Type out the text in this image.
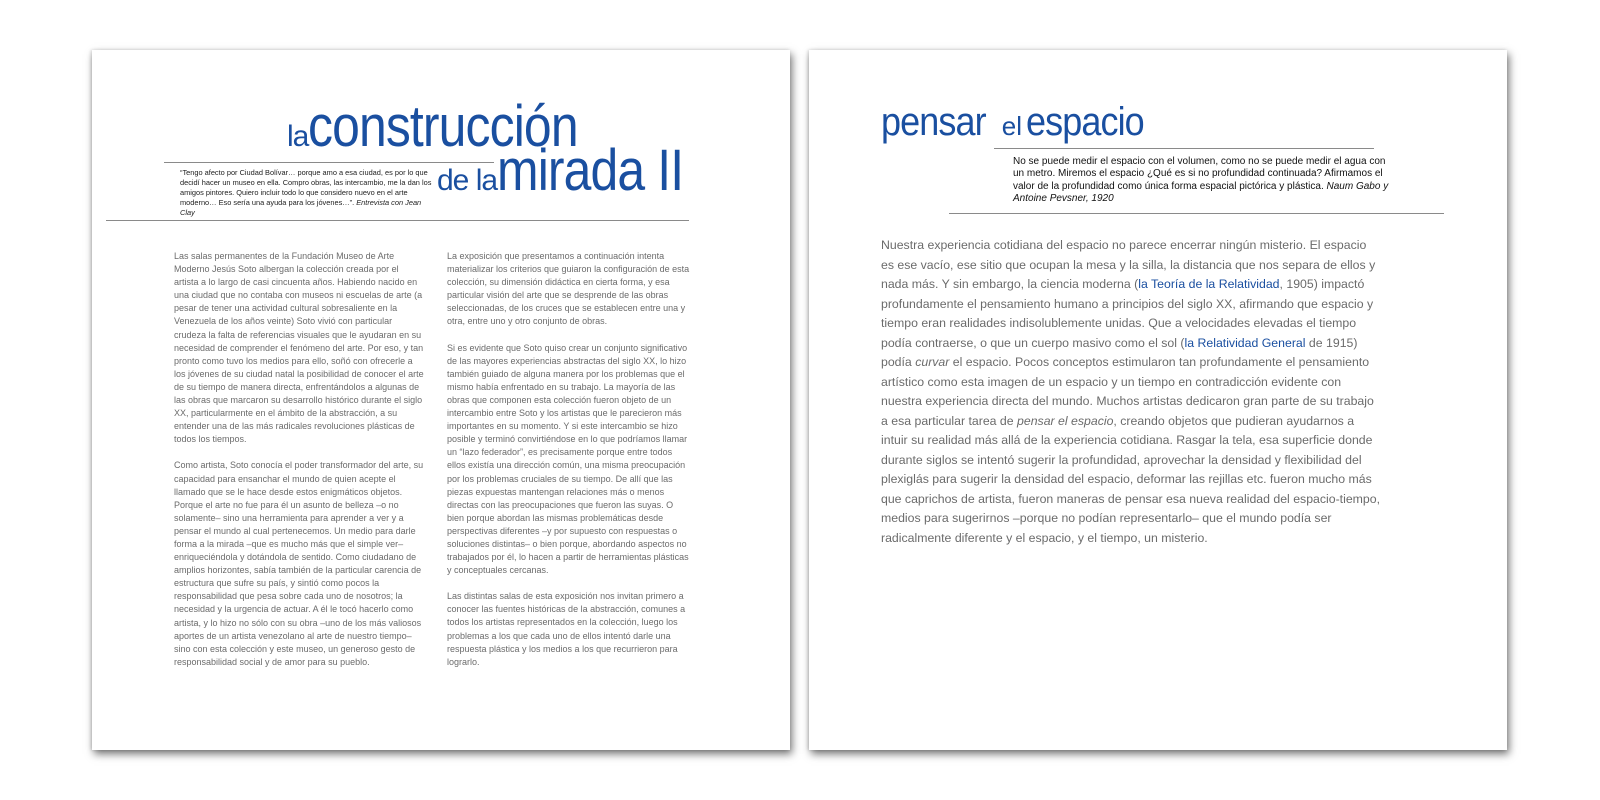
laconstrucción
de lamirada II
“Tengo afecto por Ciudad Bolívar… porque amo a esa ciudad, es por lo que decidí hacer un museo en ella. Compro obras, las intercambio, me la dan los amigos pintores. Quiero incluir todo lo que considero nuevo en el arte moderno… Eso sería una ayuda para los jóvenes…”. Entrevista con Jean Clay

Las salas permanentes de la Fundación Museo de Arte Moderno Jesús Soto albergan la colección creada por el artista a lo largo de casi cincuenta años. Habiendo nacido en una ciudad que no contaba con museos ni escuelas de arte (a pesar de tener una actividad cultural sobresaliente en la Venezuela de los años veinte) Soto vivió con particular crudeza la falta de referencias visuales que le ayudaran en su necesidad de comprender el fenómeno del arte. Por eso, y tan pronto como tuvo los medios para ello, soñó con ofrecerle a los jóvenes de su ciudad natal la posibilidad de conocer el arte de su tiempo de manera directa, enfrentándolos a algunas de las obras que marcaron su desarrollo histórico durante el siglo XX, particularmente en el ámbito de la abstracción, a su entender una de las más radicales revoluciones plásticas de todos los tiempos.

Como artista, Soto conocía el poder transformador del arte, su capacidad para ensanchar el mundo de quien acepte el llamado que se le hace desde estos enigmáticos objetos. Porque el arte no fue para él un asunto de belleza –o no solamente– sino una herramienta para aprender a ver y a pensar el mundo al cual pertenecemos. Un medio para darle forma a la mirada –que es mucho más que el simple ver– enriqueciéndola y dotándola de sentido. Como ciudadano de amplios horizontes, sabía también de la particular carencia de estructura que sufre su país, y sintió como pocos la responsabilidad que pesa sobre cada uno de nosotros; la necesidad y la urgencia de actuar. A él le tocó hacerlo como artista, y lo hizo no sólo con su obra –uno de los más valiosos aportes de un artista venezolano al arte de nuestro tiempo– sino con esta colección y este museo, un generoso gesto de responsabilidad social y de amor para su pueblo.

La exposición que presentamos a continuación intenta materializar los criterios que guiaron la configuración de esta colección, su dimensión didáctica en cierta forma, y esa particular visión del arte que se desprende de las obras seleccionadas, de los cruces que se establecen entre una y otra, entre uno y otro conjunto de obras.

Si es evidente que Soto quiso crear un conjunto significativo de las mayores experiencias abstractas del siglo XX, lo hizo también guiado de alguna manera por los problemas que el mismo había enfrentado en su trabajo. La mayoría de las obras que componen esta colección fueron objeto de un intercambio entre Soto y los artistas que le parecieron más importantes en su momento. Y si este intercambio se hizo posible y terminó convirtiéndose en lo que podríamos llamar un “lazo federador”, es precisamente porque entre todos ellos existía una dirección común, una misma preocupación por los problemas cruciales de su tiempo. De allí que las piezas expuestas mantengan relaciones más o menos directas con las preocupaciones que fueron las suyas. O bien porque abordan las mismas problemáticas desde perspectivas diferentes –y por supuesto con respuestas o soluciones distintas– o bien porque, abordando aspectos no trabajados por él, lo hacen a partir de herramientas plásticas y conceptuales cercanas.

Las distintas salas de esta exposición nos invitan primero a conocer las fuentes históricas de la abstracción, comunes a todos los artistas representados en la colección, luego los problemas a los que cada uno de ellos intentó darle una respuesta plástica y los medios a los que recurrieron para lograrlo.

pensar el espacio
No se puede medir el espacio con el volumen, como no se puede medir el agua con un metro. Miremos el espacio ¿Qué es si no profundidad continuada? Afirmamos el valor de la profundidad como única forma espacial pictórica y plástica. Naum Gabo y Antoine Pevsner, 1920

Nuestra experiencia cotidiana del espacio no parece encerrar ningún misterio. El espacio es ese vacío, ese sitio que ocupan la mesa y la silla, la distancia que nos separa de ellos y nada más. Y sin embargo, la ciencia moderna (la Teoría de la Relatividad, 1905) impactó profundamente el pensamiento humano a principios del siglo XX, afirmando que espacio y tiempo eran realidades indisolublemente unidas. Que a velocidades elevadas el tiempo podía contraerse, o que un cuerpo masivo como el sol (la Relatividad General de 1915) podía curvar el espacio. Pocos conceptos estimularon tan profundamente el pensamiento artístico como esta imagen de un espacio y un tiempo en contradicción evidente con nuestra experiencia directa del mundo. Muchos artistas dedicaron gran parte de su trabajo a esa particular tarea de pensar el espacio, creando objetos que pudieran ayudarnos a intuir su realidad más allá de la experiencia cotidiana. Rasgar la tela, esa superficie donde durante siglos se intentó sugerir la profundidad, aprovechar la densidad y flexibilidad del plexiglás para sugerir la densidad del espacio, deformar las rejillas etc. fueron mucho más que caprichos de artista, fueron maneras de pensar esa nueva realidad del espacio-tiempo, medios para sugerirnos –porque no podían representarlo– que el mundo podía ser radicalmente diferente y el espacio, y el tiempo, un misterio.
